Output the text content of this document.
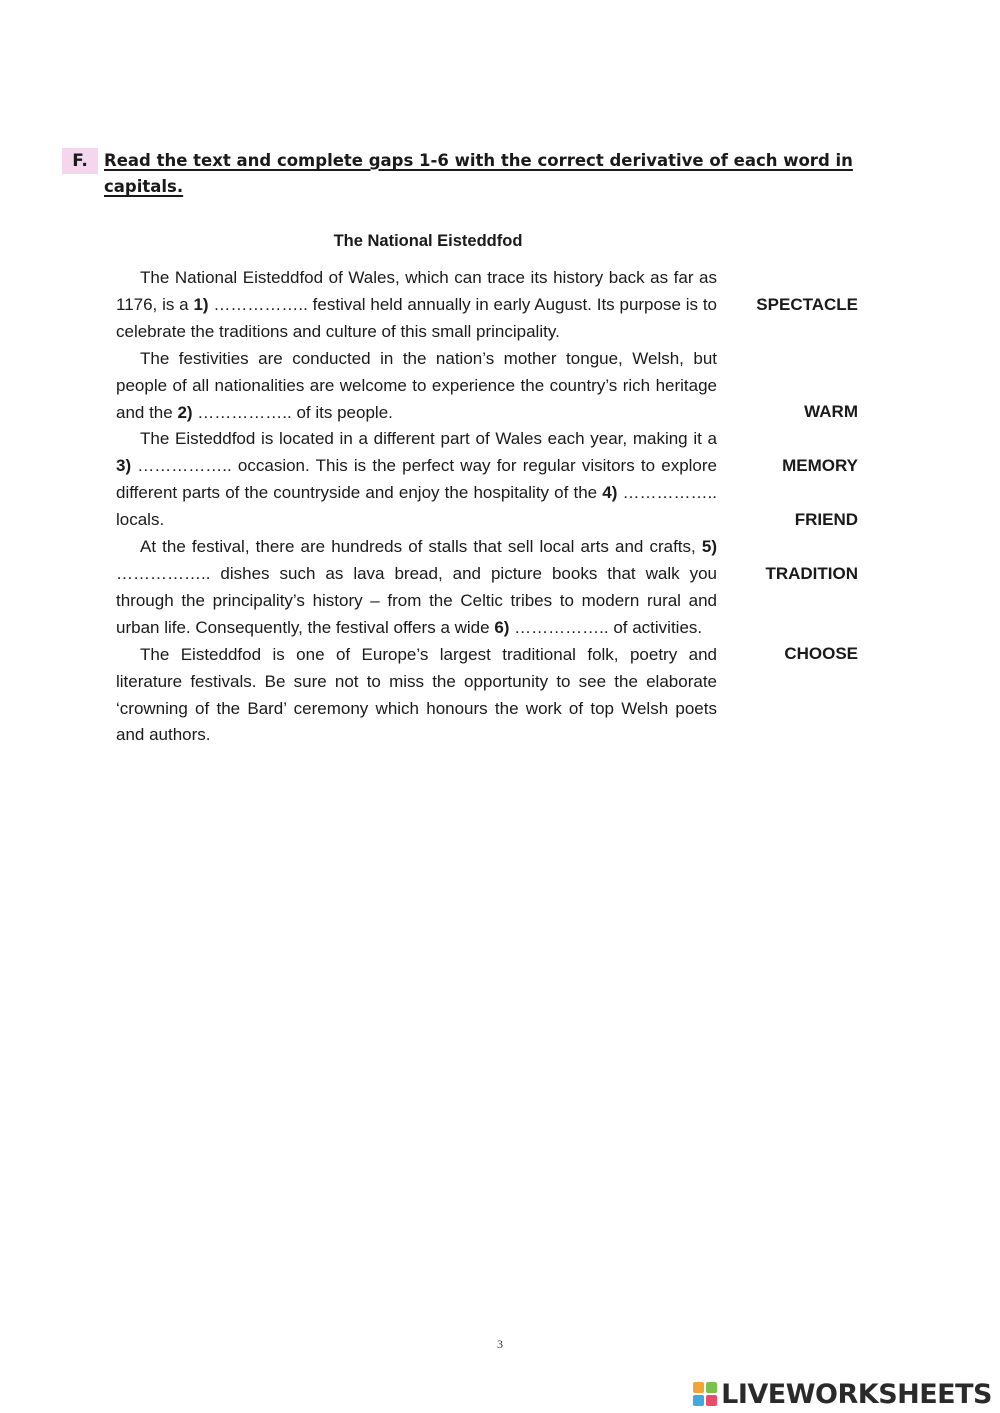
F. Read the text and complete gaps 1-6 with the correct derivative of each word in
capitals.
The National Eisteddfod

The National Eisteddfod of Wales, which can trace its history back as far as 1176, is a 1) …………….. festival held annually in early August. Its purpose is to celebrate the traditions and culture of this small principality.

The festivities are conducted in the nation’s mother tongue, Welsh, but people of all nationalities are welcome to experience the country’s rich heritage and the 2) …………….. of its people.

The Eisteddfod is located in a different part of Wales each year, making it a 3) …………….. occasion. This is the perfect way for regular visitors to explore different parts of the countryside and enjoy the hospitality of the 4) …………….. locals.

At the festival, there are hundreds of stalls that sell local arts and crafts, 5) …………….. dishes such as lava bread, and picture books that walk you through the principality’s history – from the Celtic tribes to modern rural and urban life. Consequently, the festival offers a wide 6) …………….. of activities.

The Eisteddfod is one of Europe’s largest traditional folk, poetry and literature festivals. Be sure not to miss the opportunity to see the elaborate ‘crowning of the Bard’ ceremony which honours the work of top Welsh poets and authors.

SPECTACLE
WARM
MEMORY
FRIEND
TRADITION
CHOOSE
3
LIVEWORKSHEETS
